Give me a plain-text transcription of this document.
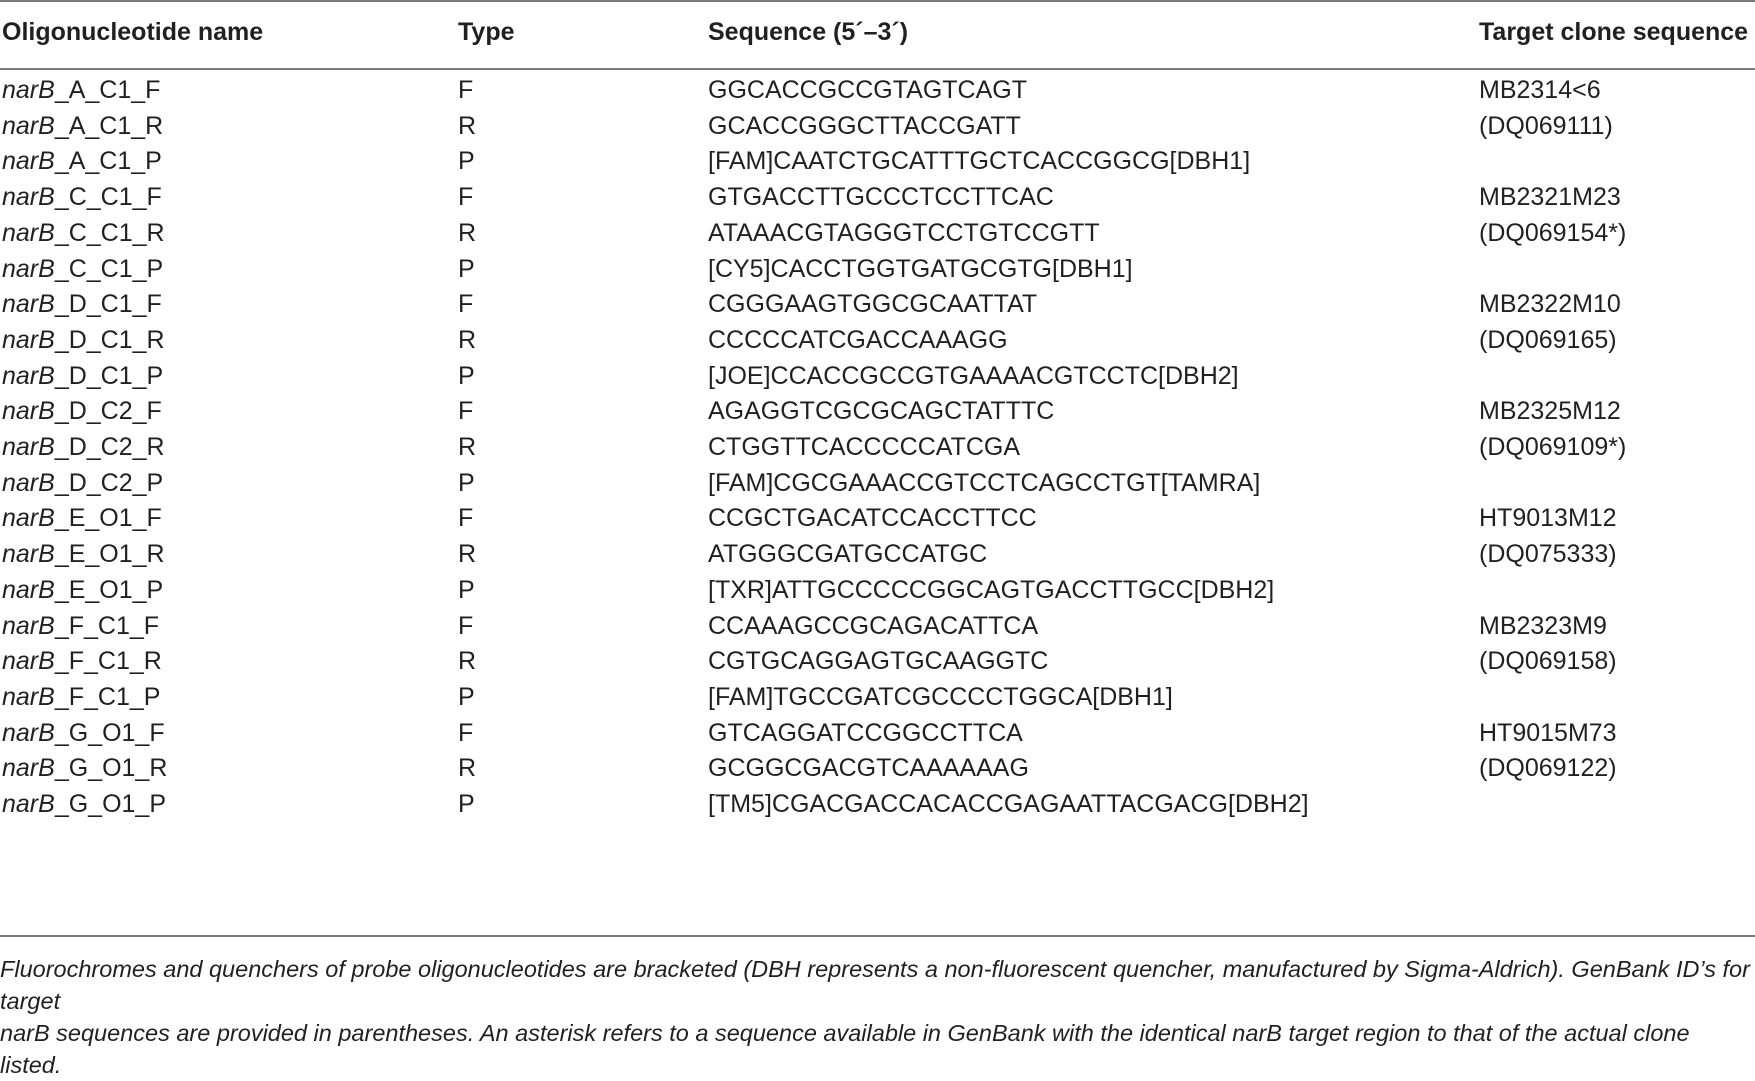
Oligonucleotide name	Type	Sequence (5´–3´)	Target clone sequence
narB_A_C1_F	F	GGCACCGCCGTAGTCAGT	MB2314<6
narB_A_C1_R	R	GCACCGGGCTTACCGATT	(DQ069111)
narB_A_C1_P	P	[FAM]CAATCTGCATTTGCTCACCGGCG[DBH1]
narB_C_C1_F	F	GTGACCTTGCCCTCCTTCAC	MB2321M23
narB_C_C1_R	R	ATAAACGTAGGGTCCTGTCCGTT	(DQ069154*)
narB_C_C1_P	P	[CY5]CACCTGGTGATGCGTG[DBH1]
narB_D_C1_F	F	CGGGAAGTGGCGCAATTAT	MB2322M10
narB_D_C1_R	R	CCCCCATCGACCAAAGG	(DQ069165)
narB_D_C1_P	P	[JOE]CCACCGCCGTGAAAACGTCCTC[DBH2]
narB_D_C2_F	F	AGAGGTCGCGCAGCTATTTC	MB2325M12
narB_D_C2_R	R	CTGGTTCACCCCCATCGA	(DQ069109*)
narB_D_C2_P	P	[FAM]CGCGAAACCGTCCTCAGCCTGT[TAMRA]
narB_E_O1_F	F	CCGCTGACATCCACCTTCC	HT9013M12
narB_E_O1_R	R	ATGGGCGATGCCATGC	(DQ075333)
narB_E_O1_P	P	[TXR]ATTGCCCCCGGCAGTGACCTTGCC[DBH2]
narB_F_C1_F	F	CCAAAGCCGCAGACATTCA	MB2323M9
narB_F_C1_R	R	CGTGCAGGAGTGCAAGGTC	(DQ069158)
narB_F_C1_P	P	[FAM]TGCCGATCGCCCCTGGCA[DBH1]
narB_G_O1_F	F	GTCAGGATCCGGCCTTCA	HT9015M73
narB_G_O1_R	R	GCGGCGACGTCAAAAAAG	(DQ069122)
narB_G_O1_P	P	[TM5]CGACGACCACACCGAGAATTACGACG[DBH2]
Fluorochromes and quenchers of probe oligonucleotides are bracketed (DBH represents a non-fluorescent quencher, manufactured by Sigma-Aldrich). GenBank ID’s for target
narB sequences are provided in parentheses. An asterisk refers to a sequence available in GenBank with the identical narB target region to that of the actual clone listed.
